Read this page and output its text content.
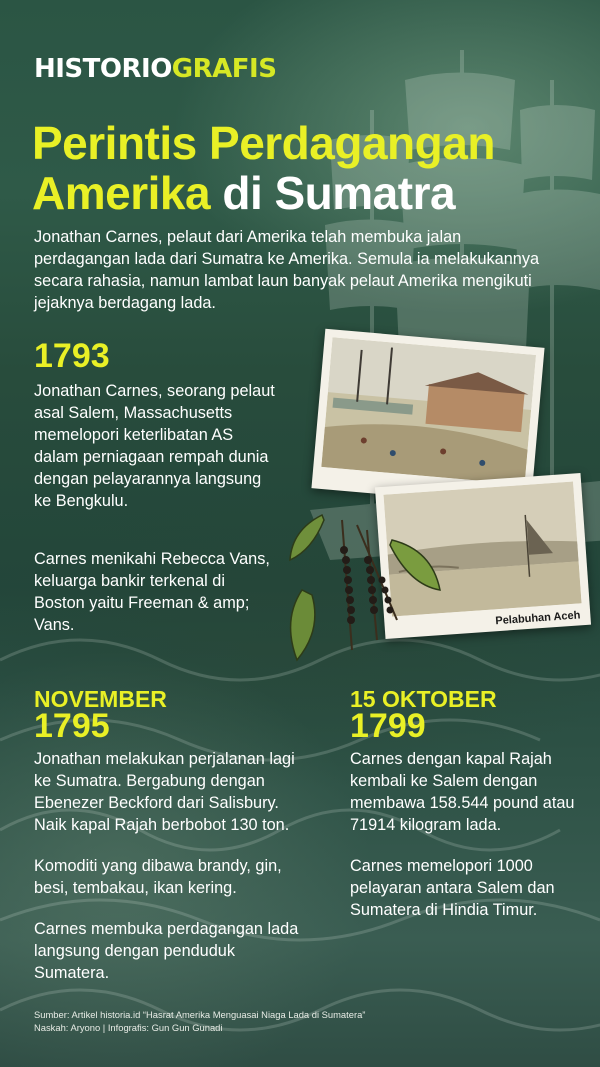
HISTORIOGRAFIS
Perintis Perdagangan
Amerika di Sumatra

Jonathan Carnes, pelaut dari Amerika telah membuka jalan perdagangan lada dari Sumatra ke Amerika. Semula ia melakukannya secara rahasia, namun lambat laun banyak pelaut Amerika mengikuti jejaknya berdagang lada.

1793

Jonathan Carnes, seorang pelaut asal Salem, Massachusetts memelopori keterlibatan AS dalam perniagaan rempah dunia dengan pelayarannya langsung ke Bengkulu.

Carnes menikahi Rebecca Vans, keluarga bankir terkenal di Boston yaitu Freeman & amp; Vans.	Pelabuhan Aceh
NOVEMBER
1795

Jonathan melakukan perjalanan lagi ke Sumatra. Bergabung dengan Ebenezer Beckford dari Salisbury. Naik kapal Rajah berbobot 130 ton.

Komoditi yang dibawa brandy, gin, besi, tembakau, ikan kering.

Carnes membuka perdagangan lada langsung dengan penduduk Sumatera.

15 OKTOBER
1799

Carnes dengan kapal Rajah kembali ke Salem dengan membawa 158.544 pound atau 71914 kilogram lada.

Carnes memelopori 1000 pelayaran antara Salem dan Sumatera di Hindia Timur.

Sumber: Artikel historia.id “Hasrat Amerika Menguasai Niaga Lada di Sumatera”

Naskah: Aryono | Infografis: Gun Gun Gunadi
